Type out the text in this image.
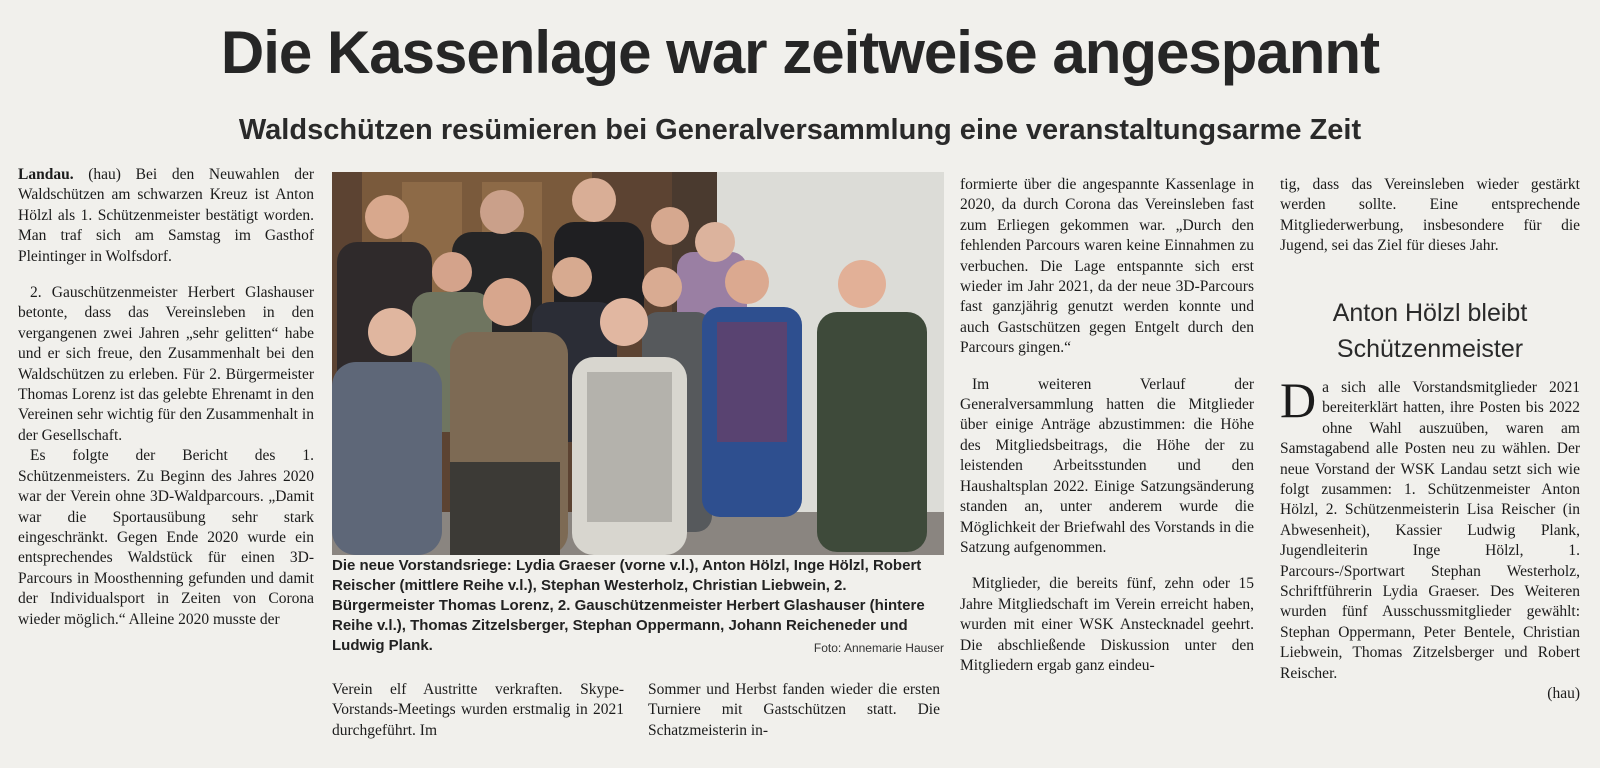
Die Kassenlage war zeitweise angespannt
Waldschützen resümieren bei Generalversammlung eine veranstaltungsarme Zeit

Landau. (hau) Bei den Neuwahlen der Waldschützen am schwarzen Kreuz ist Anton Hölzl als 1. Schützenmeister bestätigt worden. Man traf sich am Samstag im Gasthof Pleintinger in Wolfsdorf.

2. Gauschützenmeister Herbert Glashauser betonte, dass das Vereinsleben in den vergangenen zwei Jahren „sehr gelitten“ habe und er sich freue, den Zusammenhalt bei den Waldschützen zu erleben. Für 2. Bürgermeister Thomas Lorenz ist das gelebte Ehrenamt in den Vereinen sehr wichtig für den Zusammenhalt in der Gesellschaft.

Es folgte der Bericht des 1. Schützenmeisters. Zu Beginn des Jahres 2020 war der Verein ohne 3D-Waldparcours. „Damit war die Sportausübung sehr stark eingeschränkt. Gegen Ende 2020 wurde ein entsprechendes Waldstück für einen 3D-Parcours in Moosthenning gefunden und damit der Individualsport in Zeiten von Corona wieder möglich.“ Alleine 2020 musste der

Die neue Vorstandsriege: Lydia Graeser (vorne v.l.), Anton Hölzl, Inge Hölzl, Robert Reischer (mittlere Reihe v.l.), Stephan Westerholz, Christian Liebwein, 2. Bürgermeister Thomas Lorenz, 2. Gauschützenmeister Herbert Glashauser (hintere Reihe v.l.), Thomas Zitzelsberger, Stephan Oppermann, Johann Reicheneder und Ludwig Plank.	Foto: Annemarie Hauser

Verein elf Austritte verkraften. Skype-Vorstands-Meetings wurden erstmalig in 2021 durchgeführt. Im

Sommer und Herbst fanden wieder die ersten Turniere mit Gastschützen statt. Die Schatzmeisterin in-

formierte über die angespannte Kassenlage in 2020, da durch Corona das Vereinsleben fast zum Erliegen gekommen war. „Durch den fehlenden Parcours waren keine Einnahmen zu verbuchen. Die Lage entspannte sich erst wieder im Jahr 2021, da der neue 3D-Parcours fast ganzjährig genutzt werden konnte und auch Gastschützen gegen Entgelt durch den Parcours gingen.“

Im weiteren Verlauf der Generalversammlung hatten die Mitglieder über einige Anträge abzustimmen: die Höhe des Mitgliedsbeitrags, die Höhe der zu leistenden Arbeitsstunden und den Haushaltsplan 2022. Einige Satzungsänderung standen an, unter anderem wurde die Möglichkeit der Briefwahl des Vorstands in die Satzung aufgenommen.

Mitglieder, die bereits fünf, zehn oder 15 Jahre Mitgliedschaft im Verein erreicht haben, wurden mit einer WSK Anstecknadel geehrt. Die abschließende Diskussion unter den Mitgliedern ergab ganz eindeu-

tig, dass das Vereinsleben wieder gestärkt werden sollte. Eine entsprechende Mitgliederwerbung, insbesondere für die Jugend, sei das Ziel für dieses Jahr.

Anton Hölzl bleibt Schützenmeister

Da sich alle Vorstandsmitglieder 2021 bereiterklärt hatten, ihre Posten bis 2022 ohne Wahl auszuüben, waren am Samstagabend alle Posten neu zu wählen. Der neue Vorstand der WSK Landau setzt sich wie folgt zusammen: 1. Schützenmeister Anton Hölzl, 2. Schützenmeisterin Lisa Reischer (in Abwesenheit), Kassier Ludwig Plank, Jugendleiterin Inge Hölzl, 1. Parcours-/Sportwart Stephan Westerholz, Schriftführerin Lydia Graeser. Des Weiteren wurden fünf Ausschussmitglieder gewählt: Stephan Oppermann, Peter Bentele, Christian Liebwein, Thomas Zitzelsberger und Robert Reischer.
(hau)
